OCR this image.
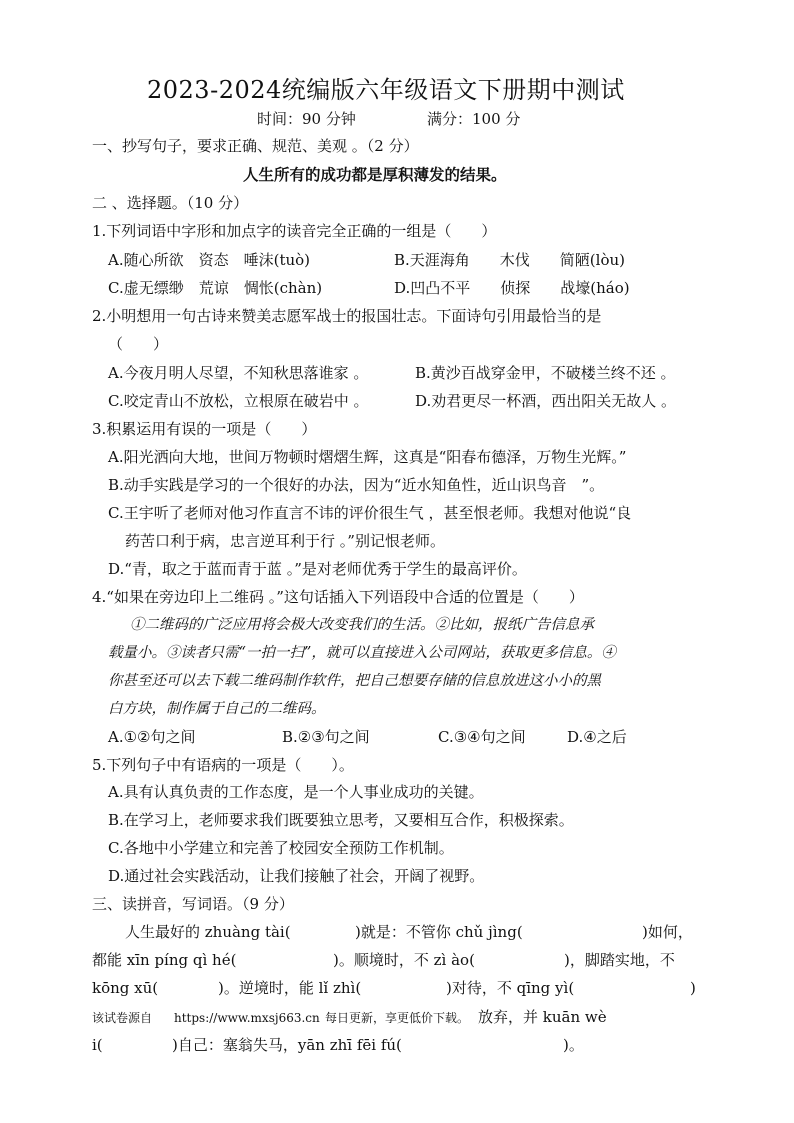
2023-2024统编版六年级语文下册期中测试
时间：90 分钟	满分：100 分
一、抄写句子，要求正确、规范、美观 。（2 分）
人生所有的成功都是厚积薄发的结果。
二 、选择题。（10 分）
1.下列词语中字形和加点字的读音完全正确的一组是（　　）
A.随心所欲　资态　唾沫(tuò)	B.天涯海角　　木伐　　简陋(lòu)
C.虚无缥缈　荒谅　惆怅(chàn)	D.凹凸不平　　侦探　　战壕(háo)
2.小明想用一句古诗来赞美志愿军战士的报国壮志。下面诗句引用最恰当的是
（　　）
A.今夜月明人尽望，不知秋思落谁家 。	B.黄沙百战穿金甲，不破楼兰终不还 。
C.咬定青山不放松，立根原在破岩中 。	D.劝君更尽一杯酒，西出阳关无故人 。
3.积累运用有误的一项是（　　）
A.阳光洒向大地，世间万物顿时熠熠生辉，这真是“阳春布德泽，万物生光辉。”
B.动手实践是学习的一个很好的办法，因为“近水知鱼性，近山识鸟音　”。
C.王宇听了老师对他习作直言不讳的评价很生气 ，甚至恨老师。我想对他说“良
药苦口利于病，忠言逆耳利于行 。”别记恨老师。
D.“青，取之于蓝而青于蓝 。”是对老师优秀于学生的最高评价。
4.“如果在旁边印上二维码 。”这句话插入下列语段中合适的位置是（　　）
①二维码的广泛应用将会极大改变我们的生活。②比如，报纸广告信息承
载量小。③读者只需“一拍一扫”，就可以直接进入公司网站，获取更多信息。④
你甚至还可以去下载二维码制作软件，把自己想要存储的信息放进这小小的黑
白方块，制作属于自己的二维码。
A.①②句之间	B.②③句之间	C.③④句之间	D.④之后
5.下列句子中有语病的一项是（　　）。
A.具有认真负责的工作态度，是一个人事业成功的关键。
B.在学习上，老师要求我们既要独立思考，又要相互合作，积极探索。
C.各地中小学建立和完善了校园安全预防工作机制。
D.通过社会实践活动，让我们接触了社会，开阔了视野。
三、读拼音，写词语。（9 分）
人生最好的 zhuàng tài(	)就是：不管你 chǔ jìng(	)如何，
都能 xīn píng qì hé(	)。顺境时，不 zì ào(	)，脚踏实地，不
kōng xū(	)。逆境时，能 lǐ zhì(	)对待，不 qīng yì(	)
该试卷源自 https://www.mxsj663.cn 每日更新，享更低价下载。 放弃，并 kuān wè
i(	)自己：塞翁失马，yān zhī fēi fú(	)。
